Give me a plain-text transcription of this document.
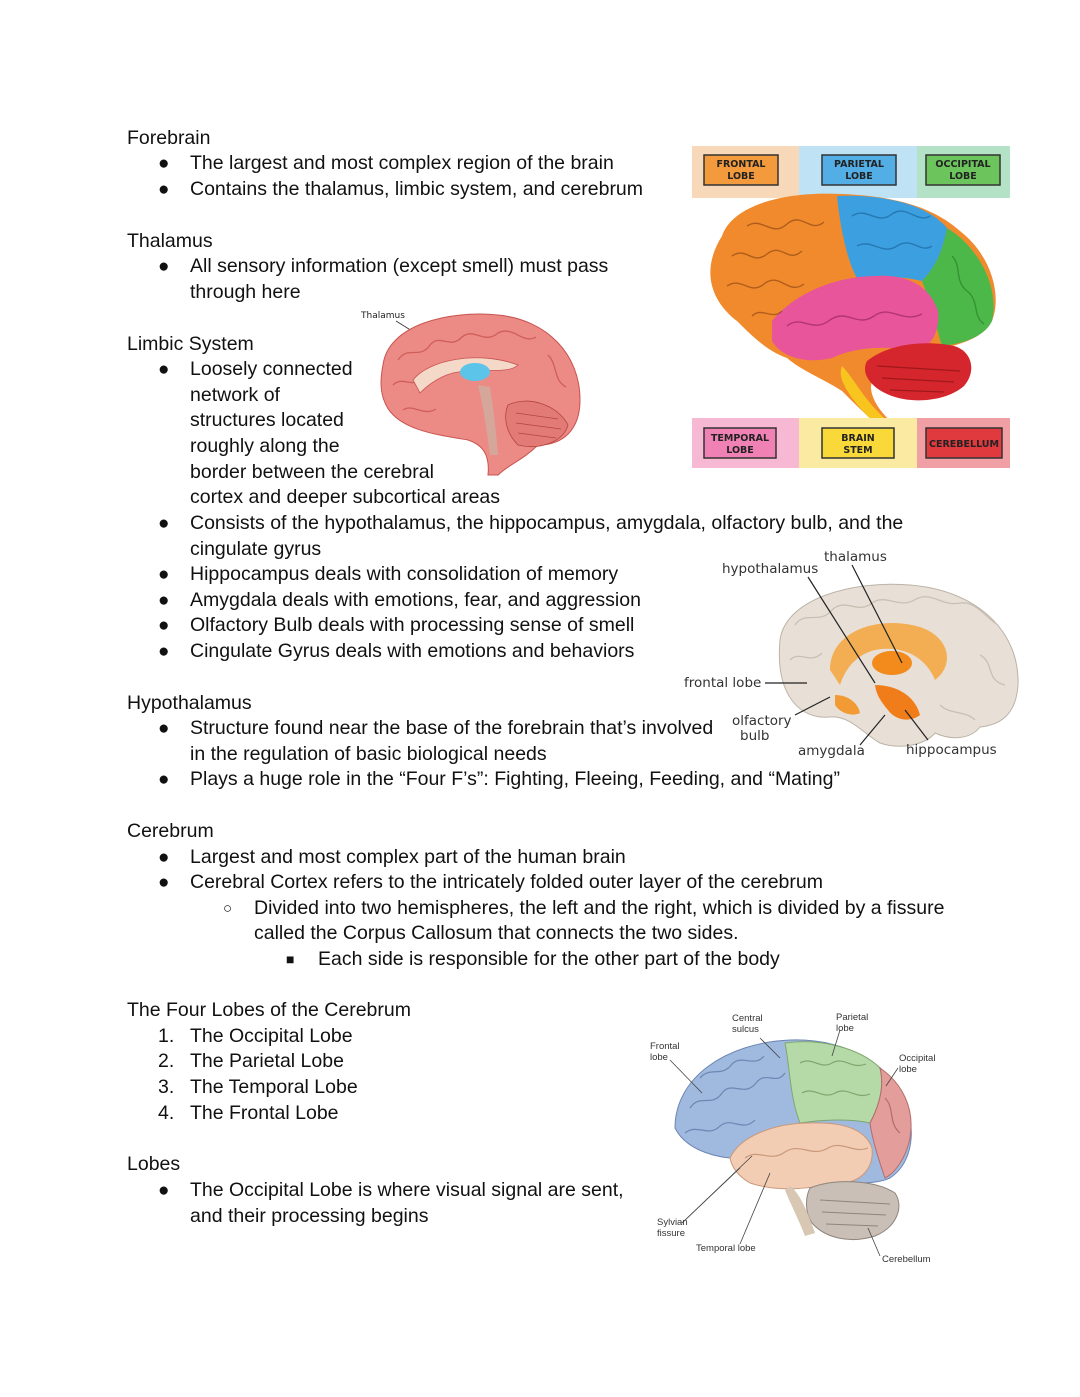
Forebrain
● The largest and most complex region of the brain
● Contains the thalamus, limbic system, and cerebrum
Thalamus
● All sensory information (except smell) must pass
through here
Limbic System
● Loosely connected
network of
structures located
roughly along the
border between the cerebral
cortex and deeper subcortical areas
● Consists of the hypothalamus, the hippocampus, amygdala, olfactory bulb, and the
cingulate gyrus
● Hippocampus deals with consolidation of memory
● Amygdala deals with emotions, fear, and aggression
● Olfactory Bulb deals with processing sense of smell
● Cingulate Gyrus deals with emotions and behaviors
Hypothalamus
● Structure found near the base of the forebrain that’s involved
in the regulation of basic biological needs
● Plays a huge role in the “Four F’s”: Fighting, Fleeing, Feeding, and “Mating”
Cerebrum
● Largest and most complex part of the human brain
● Cerebral Cortex refers to the intricately folded outer layer of the cerebrum
○ Divided into two hemispheres, the left and the right, which is divided by a fissure
called the Corpus Callosum that connects the two sides.
■ Each side is responsible for the other part of the body
The Four Lobes of the Cerebrum
1. The Occipital Lobe
2. The Parietal Lobe
3. The Temporal Lobe
4. The Frontal Lobe
Lobes
● The Occipital Lobe is where visual signal are sent,
and their processing begins
FRONTAL
LOBE
PARIETAL
LOBE
OCCIPITAL
LOBE
TEMPORAL
LOBE
BRAIN
STEM
CEREBELLUM
Thalamus
hypothalamus
thalamus
frontal lobe
olfactory
bulb
amygdala	hippocampus
Central
sulcus
Parietal
lobe
Frontal
lobe	Occipital
lobe
Sylvian
fissure
Temporal lobe
Cerebellum
